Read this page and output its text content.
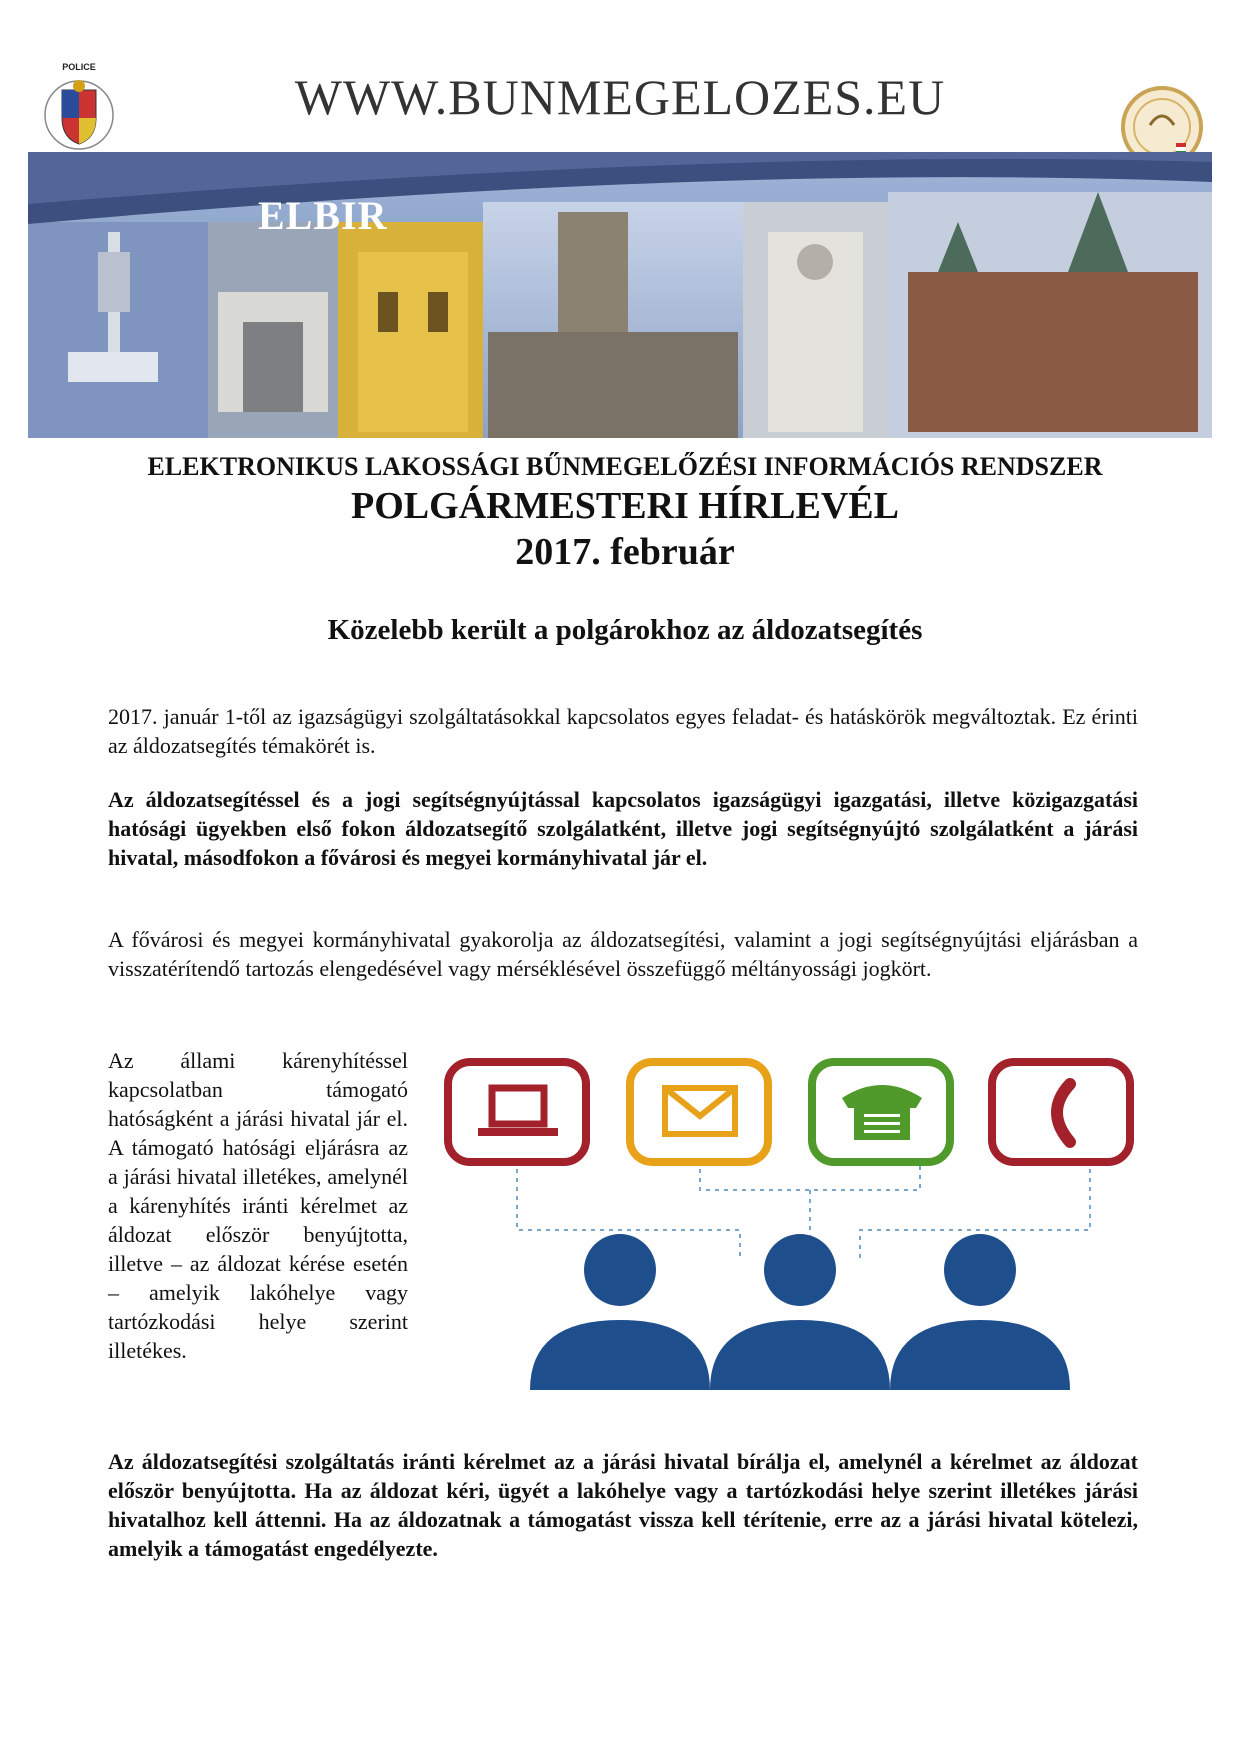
POLICE
WWW.BUNMEGELOZES.EU
ELBIR
ELEKTRONIKUS LAKOSSÁGI BŰNMEGELŐZÉSI INFORMÁCIÓS RENDSZER
POLGÁRMESTERI HÍRLEVÉL
2017. február
Közelebb került a polgárokhoz az áldozatsegítés

2017. január 1-től az igazságügyi szolgáltatásokkal kapcsolatos egyes feladat- és hatáskörök megváltoztak. Ez érinti az áldozatsegítés témakörét is.

Az áldozatsegítéssel és a jogi segítségnyújtással kapcsolatos igazságügyi igazgatási, illetve közigazgatási hatósági ügyekben első fokon áldozatsegítő szolgálatként, illetve jogi segítségnyújtó szolgálatként a járási hivatal, másodfokon a fővárosi és megyei kormányhivatal jár el.

A fővárosi és megyei kormányhivatal gyakorolja az áldozatsegítési, valamint a jogi segítségnyújtási eljárásban a visszatérítendő tartozás elengedésével vagy mérséklésével összefüggő méltányossági jogkört.

Az állami kárenyhítéssel kapcsolatban támogató hatóságként a járási hivatal jár el. A támogató hatósági eljárásra az a járási hivatal illetékes, amelynél a kárenyhítés iránti kérelmet az áldozat először benyújtotta, illetve – az áldozat kérése esetén – amelyik lakóhelye vagy tartózkodási helye szerint illetékes.

Az áldozatsegítési szolgáltatás iránti kérelmet az a járási hivatal bírálja el, amelynél a kérelmet az áldozat először benyújtotta. Ha az áldozat kéri, ügyét a lakóhelye vagy a tartózkodási helye szerint illetékes járási hivatalhoz kell áttenni. Ha az áldozatnak a támogatást vissza kell térítenie, erre az a járási hivatal kötelezi, amelyik a támogatást engedélyezte.
